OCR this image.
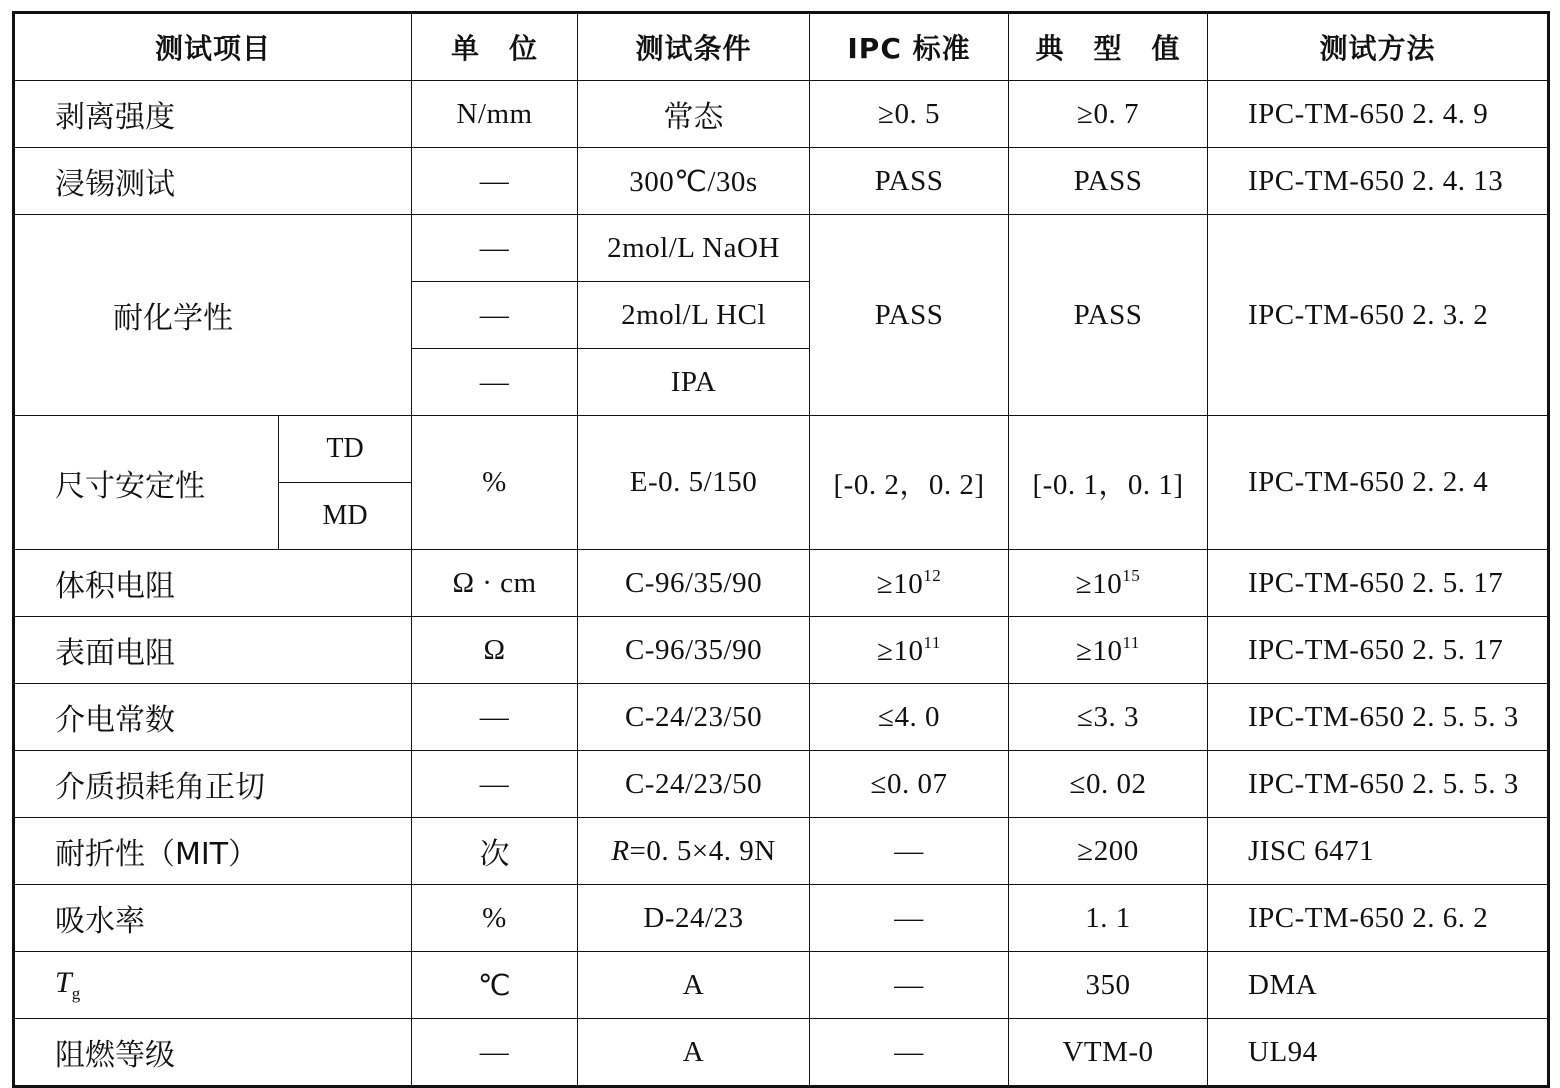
测试项目		单　位	测试条件	IPC 标准	典　型　值	测试方法
剥离强度		N/mm	常态	≥0. 5	≥0. 7	IPC-TM-650 2. 4. 9
浸锡测试		—	300℃/30s	PASS	PASS	IPC-TM-650 2. 4. 13
耐化学性		—	2mol/L NaOH	PASS	PASS	IPC-TM-650 2. 3. 2
		—	2mol/L HCl			
		—	IPA			
尺寸安定性	TD	%	E-0. 5/150	[-0. 2，0. 2]	[-0. 1，0. 1]	IPC-TM-650 2. 2. 4
	MD					
体积电阻		Ω · cm	C-96/35/90	$\ge 10^{12}$	$\ge 10^{15}$	IPC-TM-650 2. 5. 17
表面电阻		Ω	C-96/35/90	$\ge 10^{11}$	$\ge 10^{11}$	IPC-TM-650 2. 5. 17
介电常数		—	C-24/23/50	≤4. 0	≤3. 3	IPC-TM-650 2. 5. 5. 3
介质损耗角正切		—	C-24/23/50	≤0. 07	≤0. 02	IPC-TM-650 2. 5. 5. 3
耐折性（MIT）		次	R=0. 5×4. 9N	—	≥200	JISC 6471
吸水率		%	D-24/23	—	1. 1	IPC-TM-650 2. 6. 2
$T_g$		℃	A	—	350	DMA
阻燃等级		—	A	—	VTM-0	UL94
